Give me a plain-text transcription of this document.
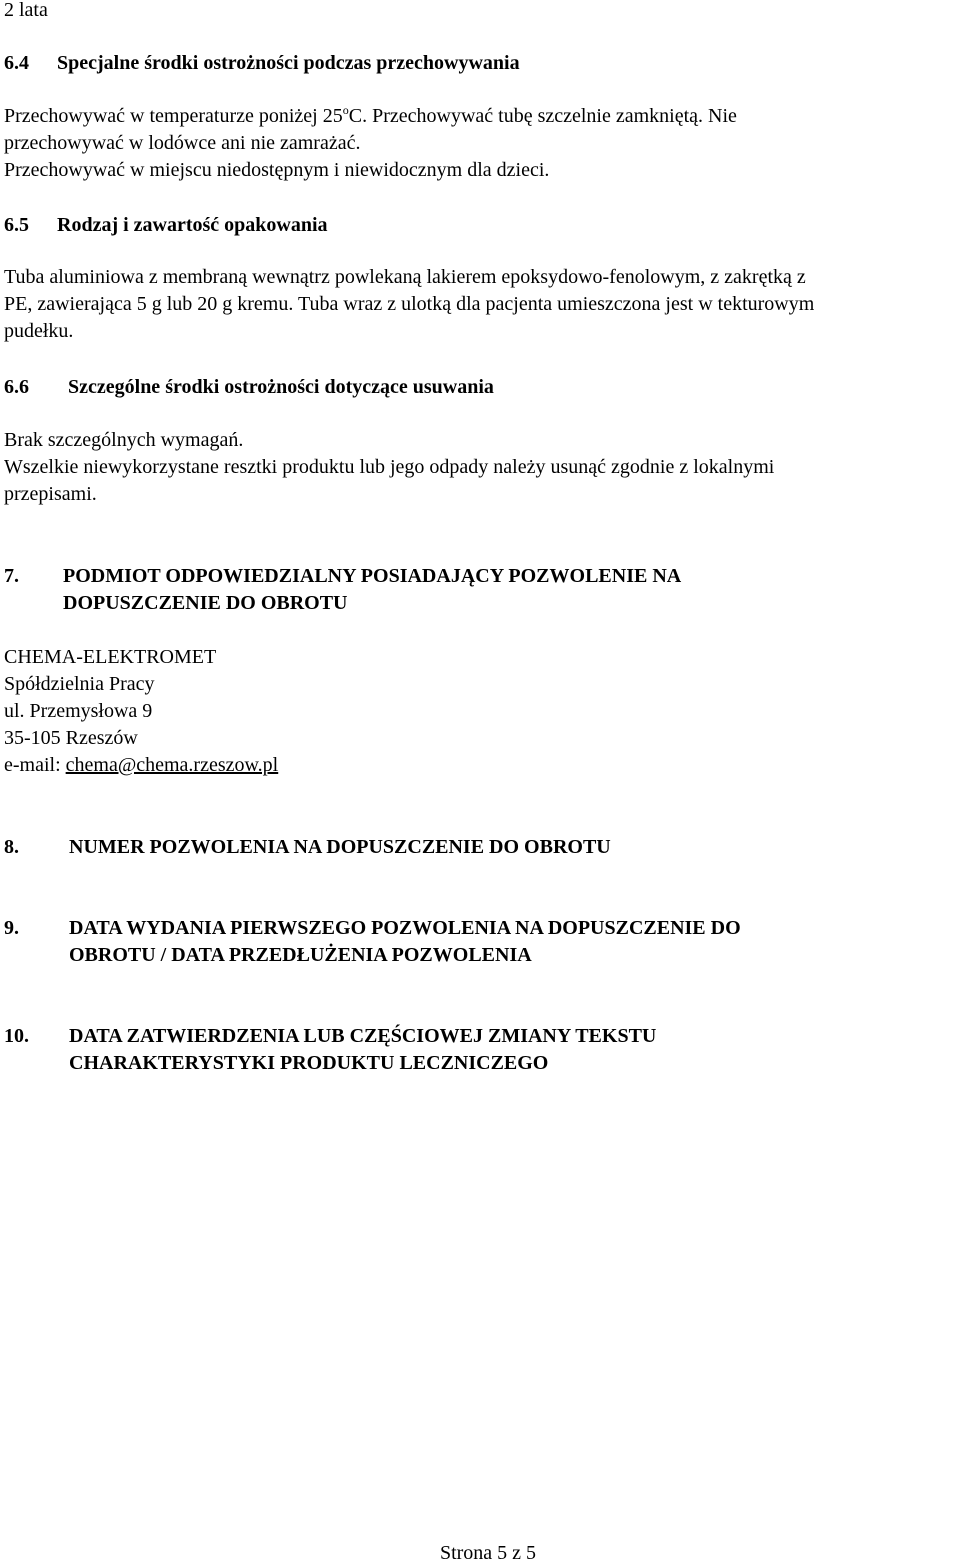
2 lata
6.4 Specjalne środki ostrożności podczas przechowywania
Przechowywać w temperaturze poniżej 25$^o$C. Przechowywać tubę szczelnie zamkniętą. Nie
przechowywać w lodówce ani nie zamrażać.
Przechowywać w miejscu niedostępnym i niewidocznym dla dzieci.
6.5 Rodzaj i zawartość opakowania
Tuba aluminiowa z membraną wewnątrz powlekaną lakierem epoksydowo-fenolowym, z zakrętką z
PE, zawierająca 5 g lub 20 g kremu. Tuba wraz z ulotką dla pacjenta umieszczona jest w tekturowym
pudełku.
6.6 Szczególne środki ostrożności dotyczące usuwania
Brak szczególnych wymagań.
Wszelkie niewykorzystane resztki produktu lub jego odpady należy usunąć zgodnie z lokalnymi
przepisami.
7. PODMIOT ODPOWIEDZIALNY POSIADAJĄCY POZWOLENIE NA
DOPUSZCZENIE DO OBROTU
CHEMA-ELEKTROMET
Spółdzielnia Pracy
ul. Przemysłowa 9
35-105 Rzeszów
e-mail: chema@chema.rzeszow.pl
8.	NUMER POZWOLENIA NA DOPUSZCZENIE DO OBROTU
9.	DATA WYDANIA PIERWSZEGO POZWOLENIA NA DOPUSZCZENIE DO
OBROTU / DATA PRZEDŁUŻENIA POZWOLENIA
10. DATA ZATWIERDZENIA LUB CZĘŚCIOWEJ ZMIANY TEKSTU
CHARAKTERYSTYKI PRODUKTU LECZNICZEGO
Strona 5 z 5
